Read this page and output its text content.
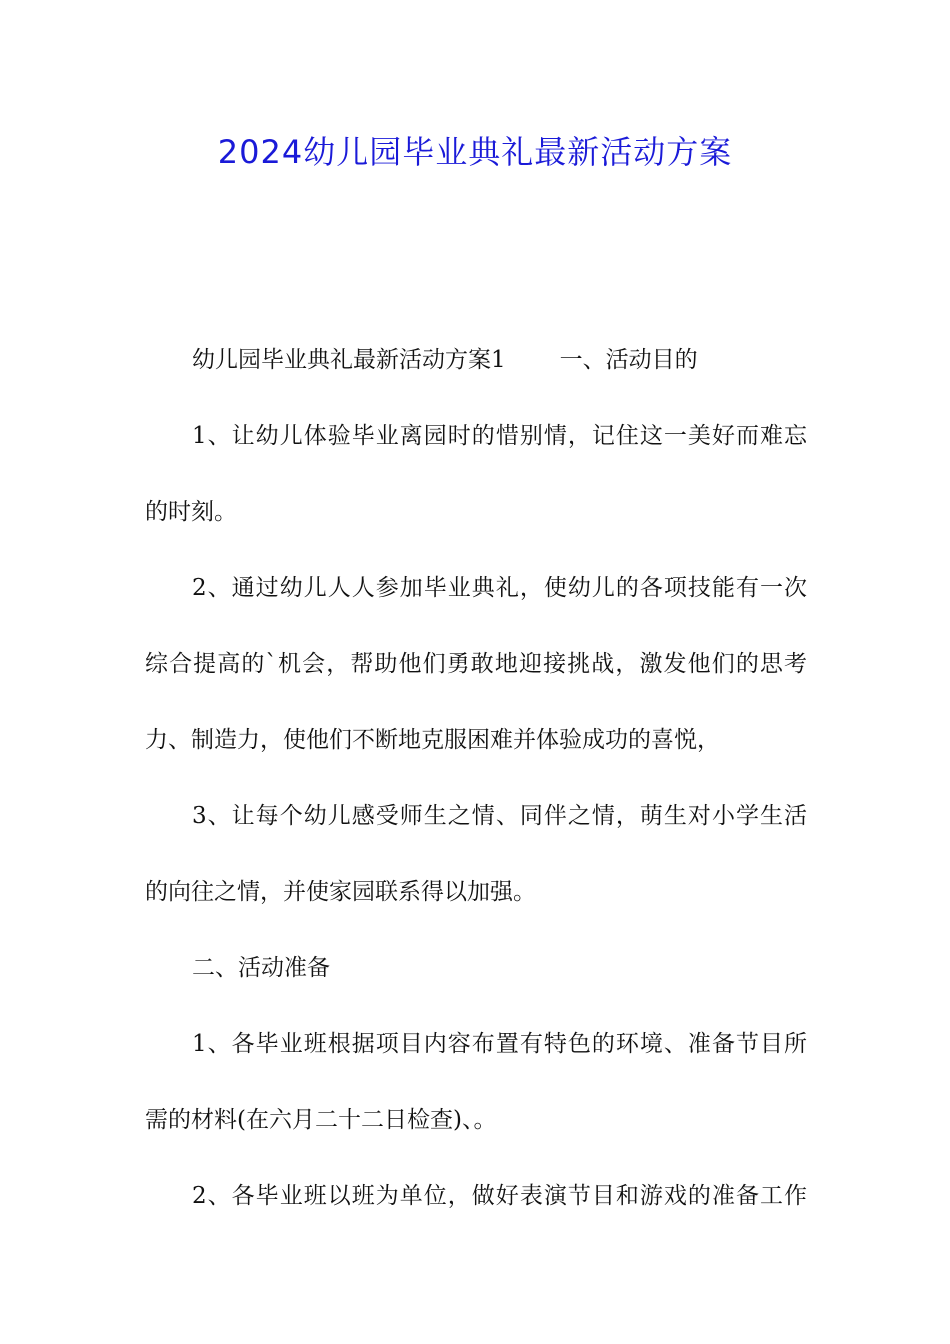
2024幼儿园毕业典礼最新活动方案
幼儿园毕业典礼最新活动方案1 一、活动目的
1、让幼儿体验毕业离园时的惜别情，记住这一美好而难忘
的时刻。
2、通过幼儿人人参加毕业典礼，使幼儿的各项技能有一次
综合提高的`机会，帮助他们勇敢地迎接挑战，激发他们的思考
力、制造力，使他们不断地克服困难并体验成功的喜悦，
3、让每个幼儿感受师生之情、同伴之情，萌生对小学生活
的向往之情，并使家园联系得以加强。
二、活动准备
1、各毕业班根据项目内容布置有特色的环境、准备节目所
需的材料(在六月二十二日检查)、。
2、各毕业班以班为单位，做好表演节目和游戏的准备工作
